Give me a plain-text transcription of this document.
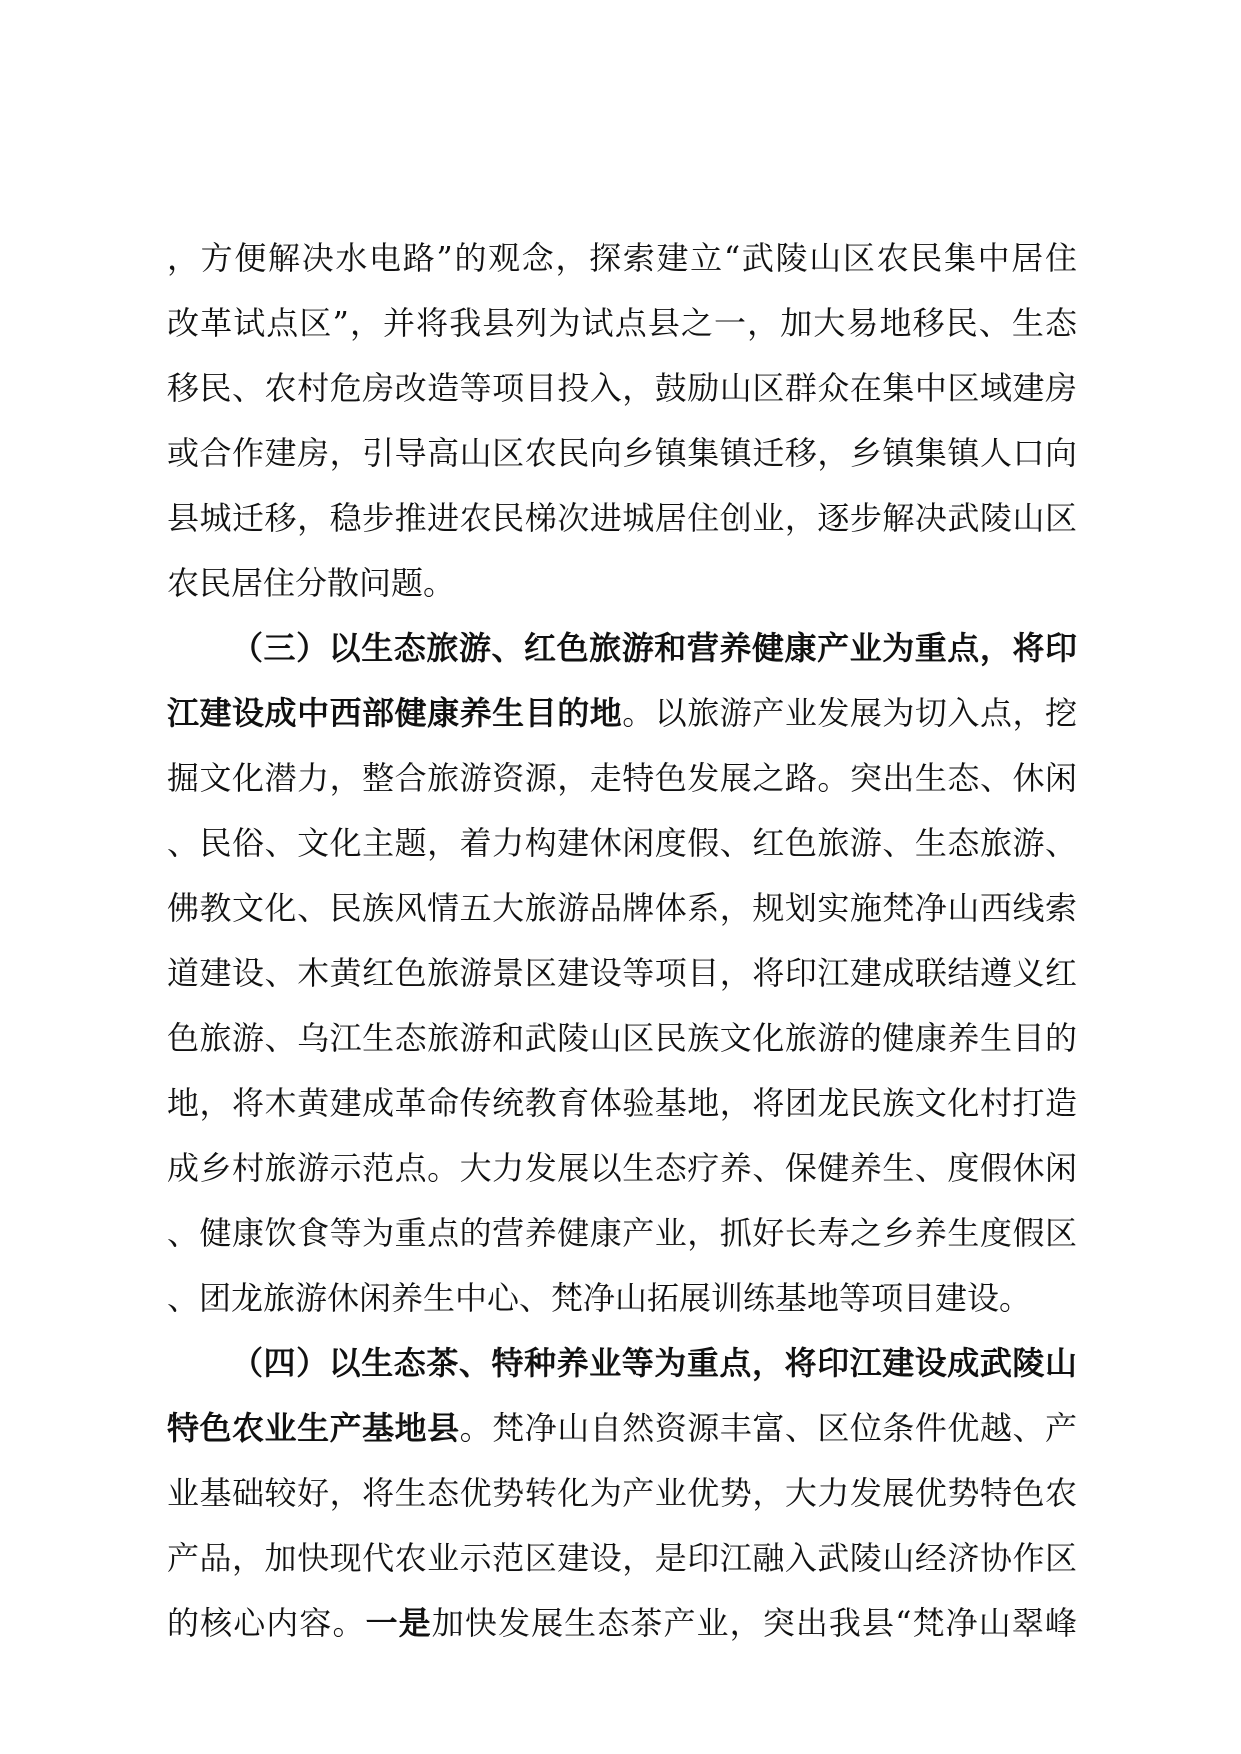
，方便解决水电路”的观念，探索建立“武陵山区农民集中居住
改革试点区”，并将我县列为试点县之一，加大易地移民、生态
移民、农村危房改造等项目投入，鼓励山区群众在集中区域建房
或合作建房，引导高山区农民向乡镇集镇迁移，乡镇集镇人口向
县城迁移，稳步推进农民梯次进城居住创业，逐步解决武陵山区
农民居住分散问题。
（三）以生态旅游、红色旅游和营养健康产业为重点，将印
江建设成中西部健康养生目的地。以旅游产业发展为切入点，挖
掘文化潜力，整合旅游资源，走特色发展之路。突出生态、休闲
、民俗、文化主题，着力构建休闲度假、红色旅游、生态旅游、
佛教文化、民族风情五大旅游品牌体系，规划实施梵净山西线索
道建设、木黄红色旅游景区建设等项目，将印江建成联结遵义红
色旅游、乌江生态旅游和武陵山区民族文化旅游的健康养生目的
地，将木黄建成革命传统教育体验基地，将团龙民族文化村打造
成乡村旅游示范点。大力发展以生态疗养、保健养生、度假休闲
、健康饮食等为重点的营养健康产业，抓好长寿之乡养生度假区
、团龙旅游休闲养生中心、梵净山拓展训练基地等项目建设。
（四）以生态茶、特种养业等为重点，将印江建设成武陵山
特色农业生产基地县。梵净山自然资源丰富、区位条件优越、产
业基础较好，将生态优势转化为产业优势，大力发展优势特色农
产品，加快现代农业示范区建设，是印江融入武陵山经济协作区
的核心内容。一是加快发展生态茶产业，突出我县“梵净山翠峰
